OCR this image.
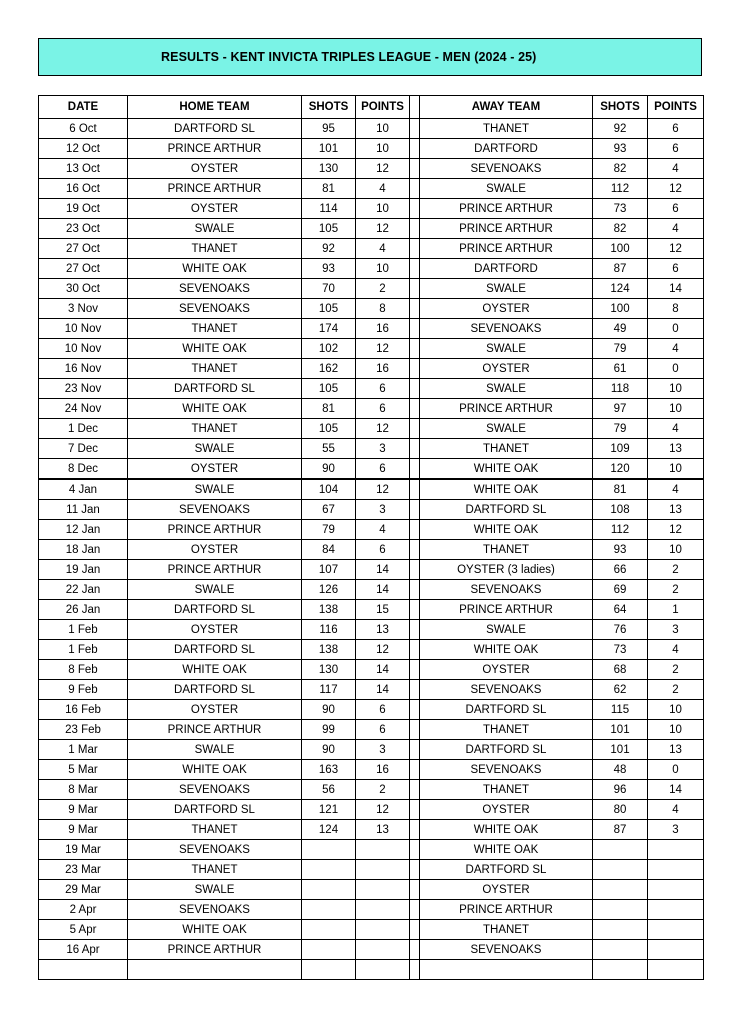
RESULTS - KENT INVICTA TRIPLES LEAGUE - MEN (2024 - 25)
DATE	HOME TEAM	SHOTS	POINTS		AWAY TEAM	SHOTS	POINTS
6 Oct	DARTFORD SL	95	10		THANET	92	6
12 Oct	PRINCE ARTHUR	101	10		DARTFORD	93	6
13 Oct	OYSTER	130	12		SEVENOAKS	82	4
16 Oct	PRINCE ARTHUR	81	4		SWALE	112	12
19 Oct	OYSTER	114	10		PRINCE ARTHUR	73	6
23 Oct	SWALE	105	12		PRINCE ARTHUR	82	4
27 Oct	THANET	92	4		PRINCE ARTHUR	100	12
27 Oct	WHITE OAK	93	10		DARTFORD	87	6
30 Oct	SEVENOAKS	70	2		SWALE	124	14
3 Nov	SEVENOAKS	105	8		OYSTER	100	8
10 Nov	THANET	174	16		SEVENOAKS	49	0
10 Nov	WHITE OAK	102	12		SWALE	79	4
16 Nov	THANET	162	16		OYSTER	61	0
23 Nov	DARTFORD SL	105	6		SWALE	118	10
24 Nov	WHITE OAK	81	6		PRINCE ARTHUR	97	10
1 Dec	THANET	105	12		SWALE	79	4
7 Dec	SWALE	55	3		THANET	109	13
8 Dec	OYSTER	90	6		WHITE OAK	120	10
4 Jan	SWALE	104	12		WHITE OAK	81	4
11 Jan	SEVENOAKS	67	3		DARTFORD SL	108	13
12 Jan	PRINCE ARTHUR	79	4		WHITE OAK	112	12
18 Jan	OYSTER	84	6		THANET	93	10
19 Jan	PRINCE ARTHUR	107	14		OYSTER (3 ladies)	66	2
22 Jan	SWALE	126	14		SEVENOAKS	69	2
26 Jan	DARTFORD SL	138	15		PRINCE ARTHUR	64	1
1 Feb	OYSTER	116	13		SWALE	76	3
1 Feb	DARTFORD SL	138	12		WHITE OAK	73	4
8 Feb	WHITE OAK	130	14		OYSTER	68	2
9 Feb	DARTFORD SL	117	14		SEVENOAKS	62	2
16 Feb	OYSTER	90	6		DARTFORD SL	115	10
23 Feb	PRINCE ARTHUR	99	6		THANET	101	10
1 Mar	SWALE	90	3		DARTFORD SL	101	13
5 Mar	WHITE OAK	163	16		SEVENOAKS	48	0
8 Mar	SEVENOAKS	56	2		THANET	96	14
9 Mar	DARTFORD SL	121	12		OYSTER	80	4
9 Mar	THANET	124	13		WHITE OAK	87	3
19 Mar	SEVENOAKS				WHITE OAK		
23 Mar	THANET				DARTFORD SL		
29 Mar	SWALE				OYSTER		
2 Apr	SEVENOAKS				PRINCE ARTHUR		
5 Apr	WHITE OAK				THANET		
16 Apr	PRINCE ARTHUR				SEVENOAKS		
